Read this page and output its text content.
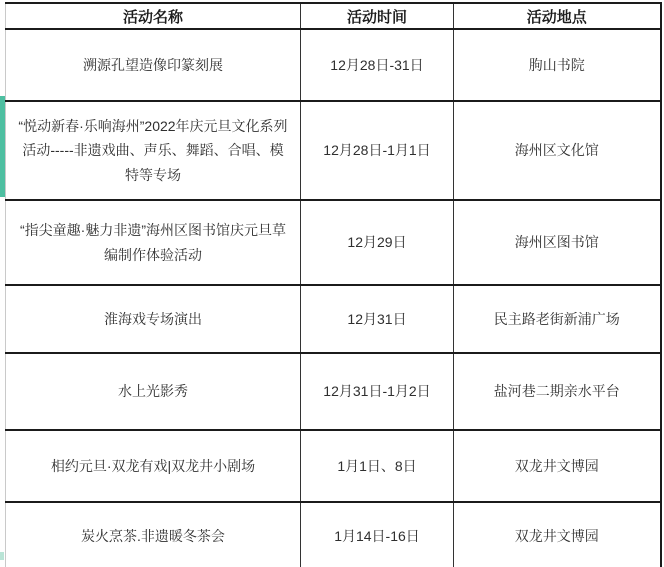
活动名称	活动时间	活动地点
溯源孔望造像印篆刻展	12月28日-31日	朐山书院
“悦动新春·乐响海州”2022年庆元旦文化系列活动-----非遗戏曲、声乐、舞蹈、合唱、模特等专场	12月28日-1月1日	海州区文化馆
“指尖童趣·魅力非遗”海州区图书馆庆元旦草编制作体验活动	12月29日	海州区图书馆
淮海戏专场演出	12月31日	民主路老街新浦广场
水上光影秀	12月31日-1月2日	盐河巷二期亲水平台
相约元旦·双龙有戏|双龙井小剧场	1月1日、8日	双龙井文博园
炭火烹茶.非遗暖冬茶会	1月14日-16日	双龙井文博园
